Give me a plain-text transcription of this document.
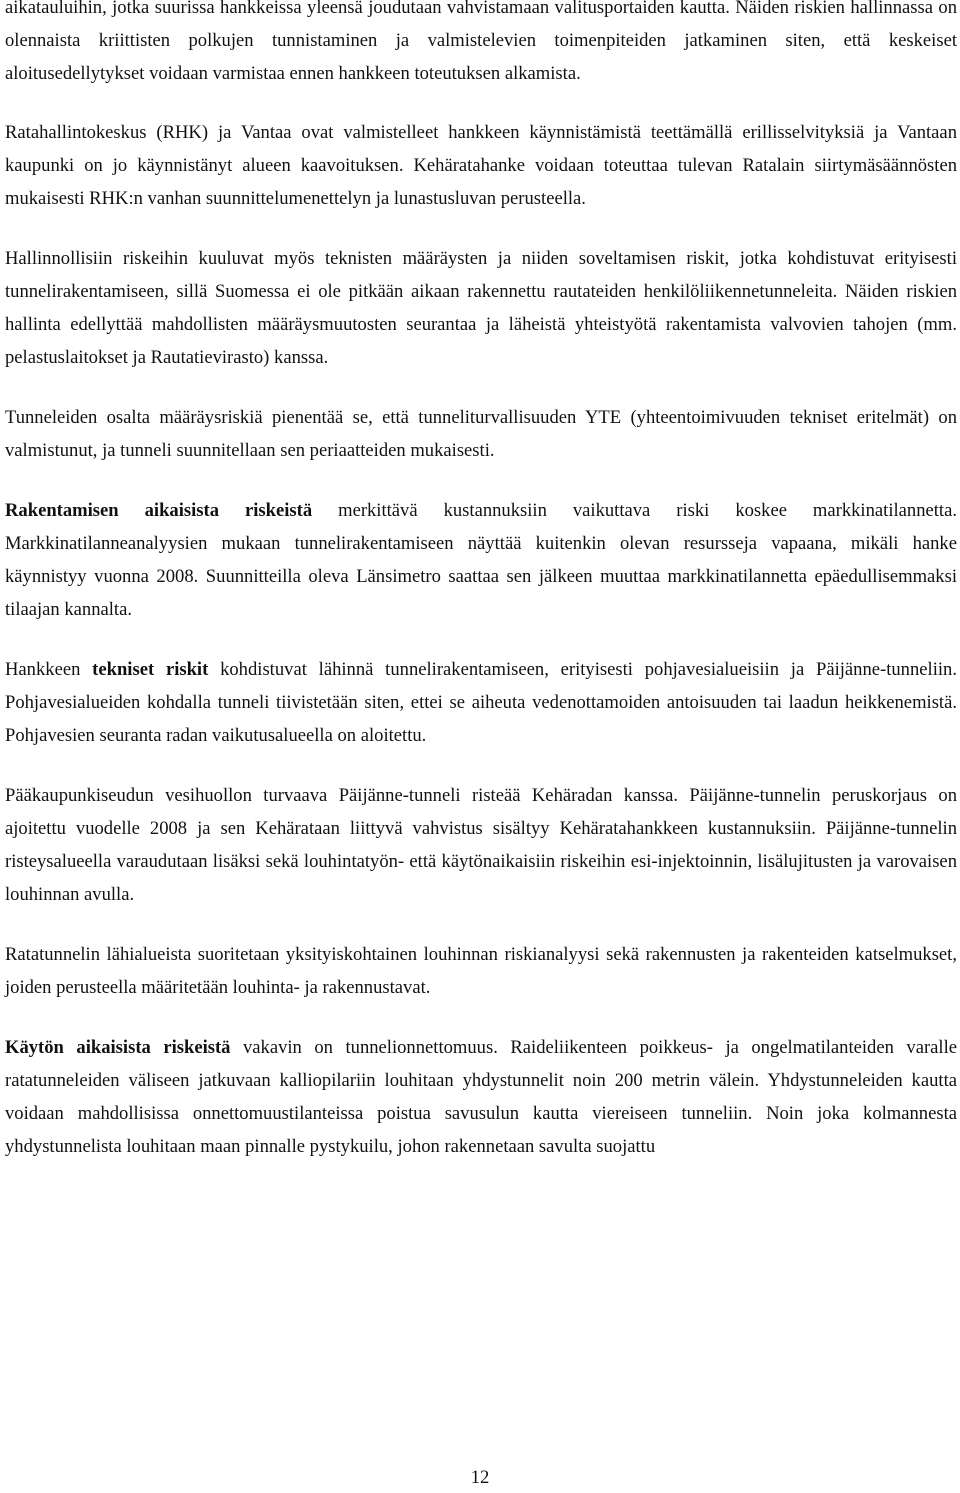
aikatauluihin, jotka suurissa hankkeissa yleensä joudutaan vahvistamaan valitusportaiden kautta. Näiden riskien hallinnassa on olennaista kriittisten polkujen tunnistaminen ja valmistelevien toimenpiteiden jatkaminen siten, että keskeiset aloitusedellytykset voidaan varmistaa ennen hankkeen toteutuksen alkamista.

Ratahallintokeskus (RHK) ja Vantaa ovat valmistelleet hankkeen käynnistämistä teettämällä erillisselvityksiä ja Vantaan kaupunki on jo käynnistänyt alueen kaavoituksen. Kehäratahanke voidaan toteuttaa tulevan Ratalain siirtymäsäännösten mukaisesti RHK:n vanhan suunnittelumenettelyn ja lunastusluvan perusteella.

Hallinnollisiin riskeihin kuuluvat myös teknisten määräysten ja niiden soveltamisen riskit, jotka kohdistuvat erityisesti tunnelirakentamiseen, sillä Suomessa ei ole pitkään aikaan rakennettu rautateiden henkilöliikennetunneleita. Näiden riskien hallinta edellyttää mahdollisten määräysmuutosten seurantaa ja läheistä yhteistyötä rakentamista valvovien tahojen (mm. pelastuslaitokset ja Rautatievirasto) kanssa.

Tunneleiden osalta määräysriskiä pienentää se, että tunneliturvallisuuden YTE (yhteentoimivuuden tekniset eritelmät) on valmistunut, ja tunneli suunnitellaan sen periaatteiden mukaisesti.

Rakentamisen aikaisista riskeistä merkittävä kustannuksiin vaikuttava riski koskee markkinatilannetta. Markkinatilanneanalyysien mukaan tunnelirakentamiseen näyttää kuitenkin olevan resursseja vapaana, mikäli hanke käynnistyy vuonna 2008. Suunnitteilla oleva Länsimetro saattaa sen jälkeen muuttaa markkinatilannetta epäedullisemmaksi tilaajan kannalta.

Hankkeen tekniset riskit kohdistuvat lähinnä tunnelirakentamiseen, erityisesti pohjavesialueisiin ja Päijänne-tunneliin. Pohjavesialueiden kohdalla tunneli tiivistetään siten, ettei se aiheuta vedenottamoiden antoisuuden tai laadun heikkenemistä. Pohjavesien seuranta radan vaikutusalueella on aloitettu.

Pääkaupunkiseudun vesihuollon turvaava Päijänne-tunneli risteää Kehäradan kanssa. Päijänne-tunnelin peruskorjaus on ajoitettu vuodelle 2008 ja sen Kehärataan liittyvä vahvistus sisältyy Kehäratahankkeen kustannuksiin. Päijänne-tunnelin risteysalueella varaudutaan lisäksi sekä louhintatyön- että käytönaikaisiin riskeihin esi-injektoinnin, lisälujitusten ja varovaisen louhinnan avulla.

Ratatunnelin lähialueista suoritetaan yksityiskohtainen louhinnan riskianalyysi sekä rakennusten ja rakenteiden katselmukset, joiden perusteella määritetään louhinta- ja rakennustavat.

Käytön aikaisista riskeistä vakavin on tunnelionnettomuus. Raideliikenteen poikkeus- ja ongelmatilanteiden varalle ratatunneleiden väliseen jatkuvaan kalliopilariin louhitaan yhdystunnelit noin 200 metrin välein. Yhdystunneleiden kautta voidaan mahdollisissa onnettomuustilanteissa poistua savusulun kautta viereiseen tunneliin. Noin joka kolmannesta yhdystunnelista louhitaan maan pinnalle pystykuilu, johon rakennetaan savulta suojattu

12
